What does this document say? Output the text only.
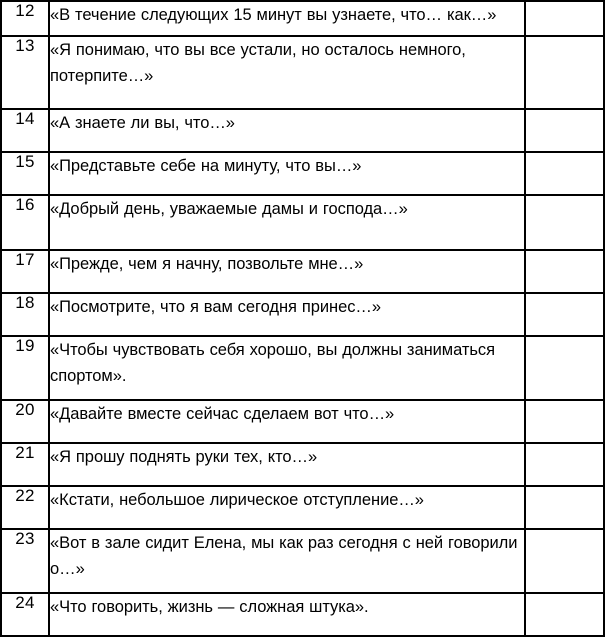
12	«В течение следующих 15 минут вы узнаете, что… как…»	
13	«Я понимаю, что вы все устали, но осталось немного, потерпите…»	
14	«А знаете ли вы, что…»	
15	«Представьте себе на минуту, что вы…»	
16	«Добрый день, уважаемые дамы и господа…»	
17	«Прежде, чем я начну, позвольте мне…»	
18	«Посмотрите, что я вам сегодня принес…»	
19	«Чтобы чувствовать себя хорошо, вы должны заниматься спортом».	
20	«Давайте вместе сейчас сделаем вот что…»	
21	«Я прошу поднять руки тех, кто…»	
22	«Кстати, небольшое лирическое отступление…»	
23	«Вот в зале сидит Елена, мы как раз сегодня с ней говорили о…»	
24	«Что говорить, жизнь — сложная штука».	
